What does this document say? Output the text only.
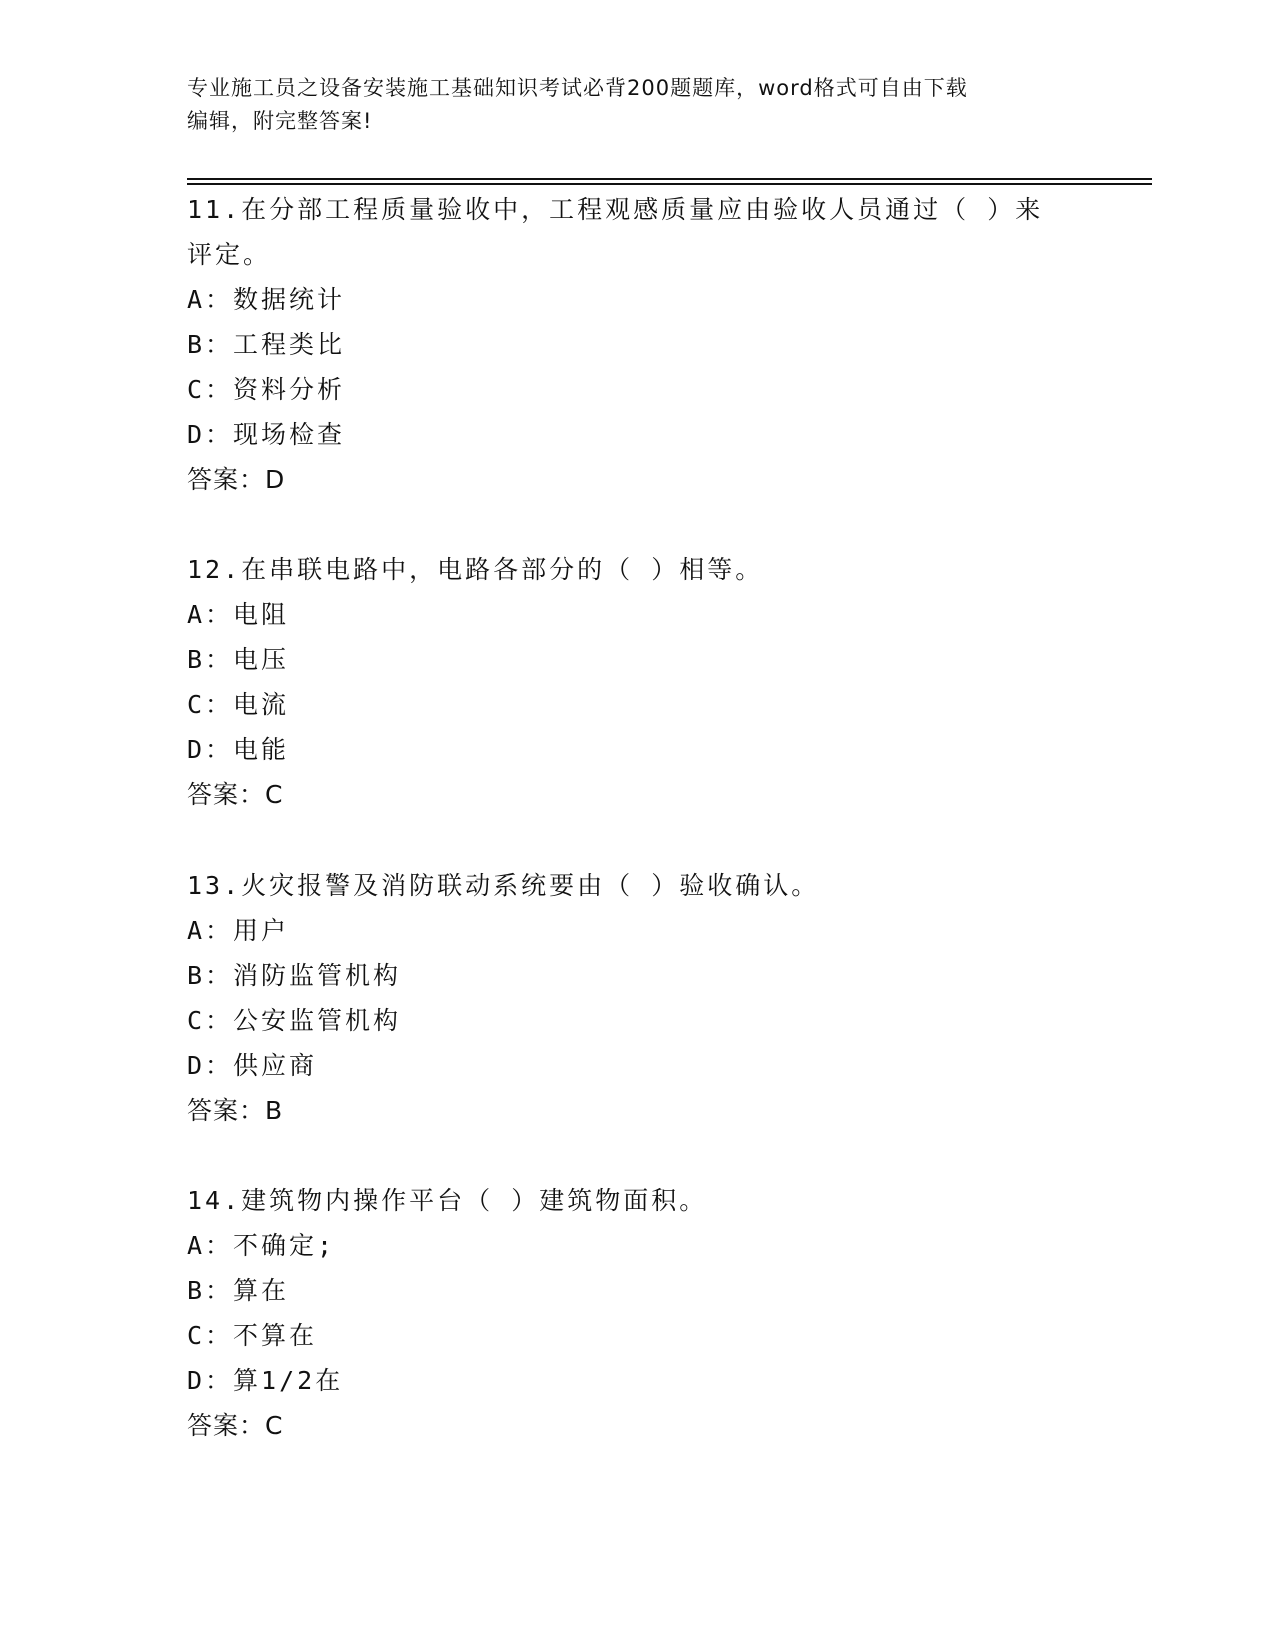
专业施工员之设备安装施工基础知识考试必背200题题库，word格式可自由下载
编辑，附完整答案!
11.在分部工程质量验收中，工程观感质量应由验收人员通过（ ）来
评定。
A：数据统计
B：工程类比
C：资料分析
D：现场检查
答案：D
12.在串联电路中，电路各部分的（ ）相等。
A：电阻
B：电压
C：电流
D：电能
答案：C
13.火灾报警及消防联动系统要由（ ）验收确认。
A：用户
B：消防监管机构
C：公安监管机构
D：供应商
答案：B
14.建筑物内操作平台（ ）建筑物面积。
A：不确定;
B：算在
C：不算在
D：算1/2在
答案：C
